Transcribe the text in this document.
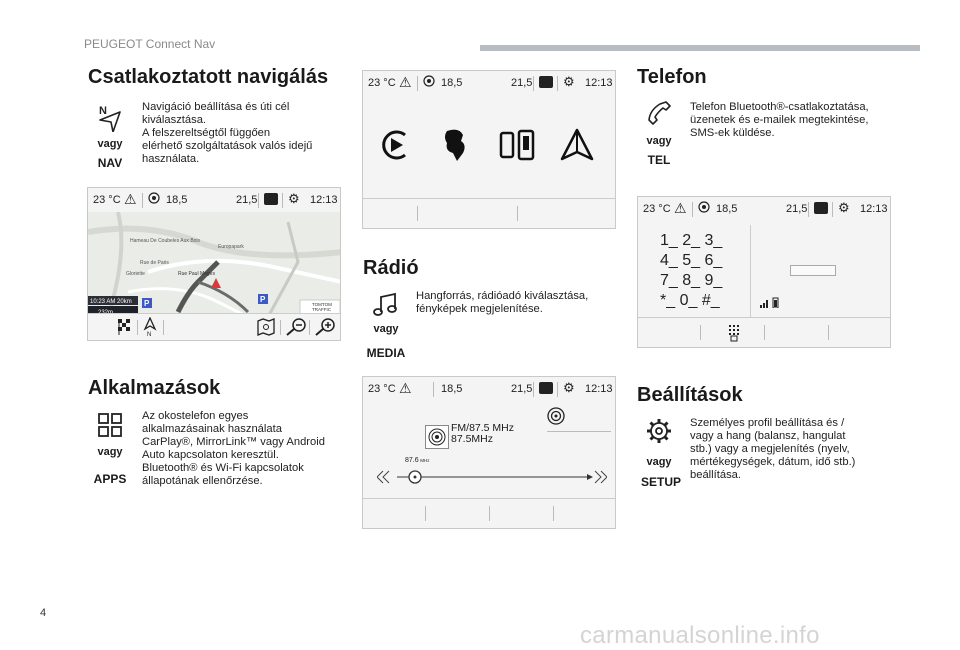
PEUGEOT Connect Nav
Csatlakoztatott navigálás
N
vagy
NAV
Navigáció beállítása és úti cél
kiválasztása.
A felszereltségtől függően
elérhető szolgáltatások valós idejű
használata.
23 °C ⚠	18,5	21,5 ⚙ 12:13
Hameau De Coubeles Aux Bois
Europapark
Rue de Paris
Gloriette	Rue Paul Meges
10:23 AM 20km P	P
TOMTOM
TRAFFIC
N
Alkalmazások
vagy
APPS
Az okostelefon egyes
alkalmazásainak használata
CarPlay®, MirrorLink™ vagy Android
Auto kapcsolaton keresztül.
Bluetooth® és Wi-Fi kapcsolatok
állapotának ellenőrzése.
23 °C ⚠	18,5	21,5 ⚙ 12:13
Rádió
vagy
MEDIA
Hangforrás, rádióadó kiválasztása,
fényképek megjelenítése.
23 °C ⚠	18,5	21,5 ⚙ 12:13
FM/87.5 MHz
87.5MHz
87.6 MHz
Telefon
vagy
TEL
Telefon Bluetooth®-csatlakoztatása,
üzenetek és e-mailek megtekintése,
SMS-ek küldése.
23 °C ⚠	18,5	21,5 ⚙ 12:13
1_ 2_ 3_
4_ 5_ 6_
7_ 8_ 9_
*_ 0_ #_
Beállítások
vagy
SETUP
Személyes profil beállítása és /
vagy a hang (balansz, hangulat
stb.) vagy a megjelenítés (nyelv,
mértékegységek, dátum, idő stb.)
beállítása.
4
carmanualsonline.info
